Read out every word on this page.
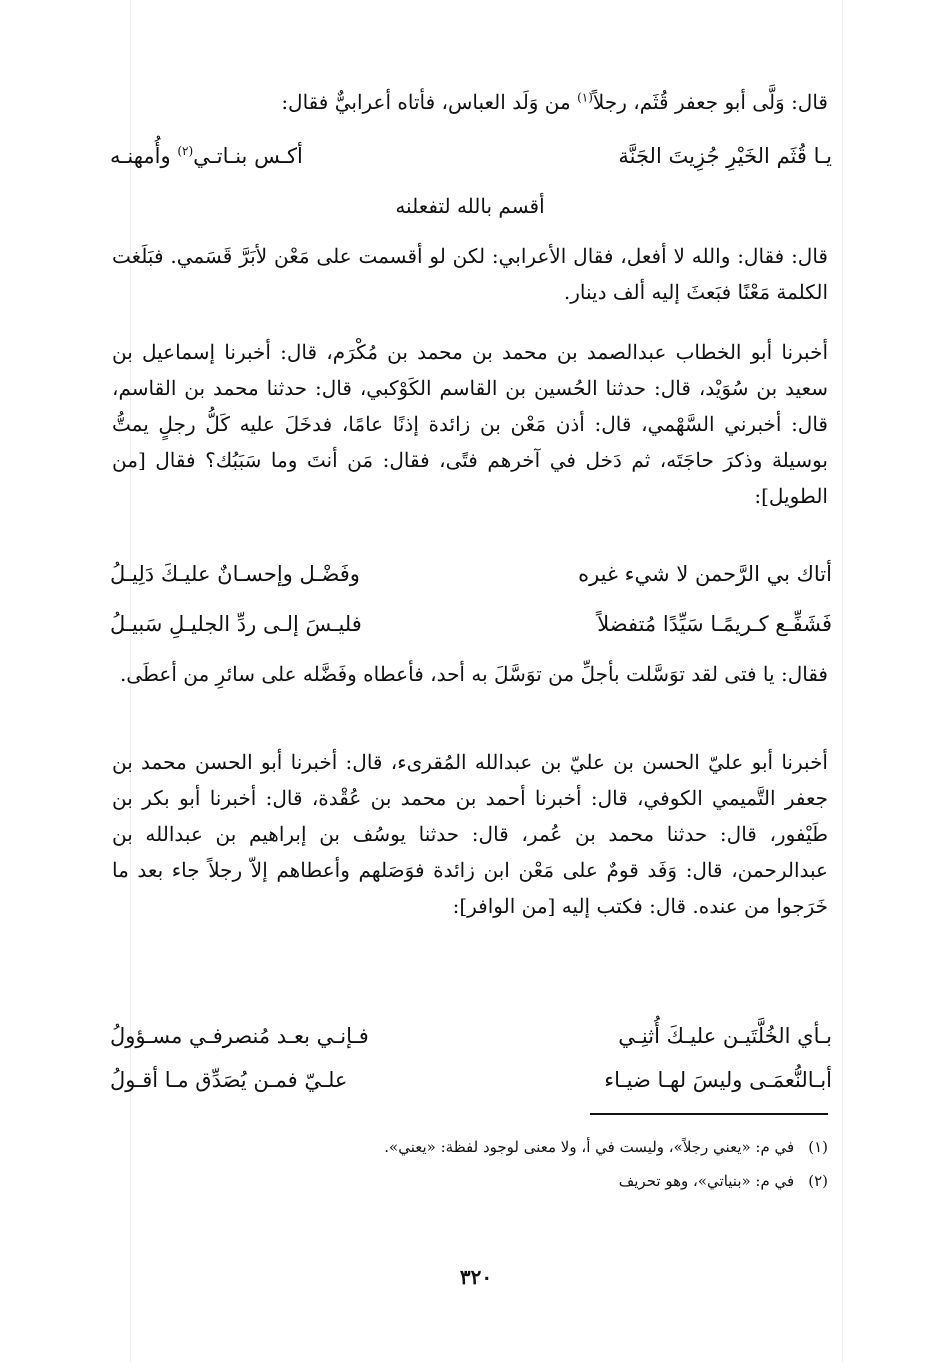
قال: وَلَّى أبو جعفر قُثَم، رجلاً$^{(١)}$ من وَلَد العباس، فأتاه أعرابيٌّ فقال:

يـا قُثَم الخَيْرِ جُزِيتَ الجَنَّة
أكـس بنـاتـي$^{(٢)}$ وأُمهنـه
أقسم بالله لتفعلنه

قال: فقال: والله لا أفعل، فقال الأعرابي: لكن لو أقسمت على مَعْن لأبَرَّ قَسَمي. فبَلَغت الكلمة مَعْنًا فبَعثَ إليه ألف دينار.

أخبرنا أبو الخطاب عبدالصمد بن محمد بن محمد بن مُكْرَم، قال: أخبرنا إسماعيل بن سعيد بن سُوَيْد، قال: حدثنا الحُسين بن القاسم الكَوْكبي، قال: حدثنا محمد بن القاسم، قال: أخبرني السَّهْمي، قال: أذن مَعْن بن زائدة إذنًا عامًا، فدخَلَ عليه كَلُّ رجلٍ يمتُّ بوسيلة وذكرَ حاجَتَه، ثم دَخل في آخرهم فتًى، فقال: مَن أنتَ وما سَبَبُك؟ فقال [من الطويل]:

أتاك بي الرَّحمن لا شيء غيره
وفَضْـل وإحسـانٌ عليـكَ دَلِيـلُ
فَشَفِّـع كـريمًـا سَيِّدًا مُتفضلاً
فليـسَ إلـى ردِّ الجليـلِ سَبيـلُ

فقال: يا فتى لقد توَسَّلت بأجلِّ من توَسَّلَ به أحد، فأعطاه وفَضَّله على سائرِ من أعطَى.

أخبرنا أبو عليّ الحسن بن عليّ بن عبدالله المُقرىء، قال: أخبرنا أبو الحسن محمد بن جعفر التَّميمي الكوفي، قال: أخبرنا أحمد بن محمد بن عُقْدة، قال: أخبرنا أبو بكر بن طَيْفور، قال: حدثنا محمد بن عُمر، قال: حدثنا يوسُف بن إبراهيم بن عبدالله بن عبدالرحمن، قال: وَفَد قومٌ على مَعْن ابن زائدة فوَصَلهم وأعطاهم إلاّ رجلاً جاء بعد ما خَرَجوا من عنده. قال: فكتب إليه [من الوافر]:

بـأي الخُلَّتَيـن عليـكَ أُثنِـي
فـإنـي بعـد مُنصرفـي مسـؤولُ
أبـالنُّعمَـى وليسَ لهـا ضيـاء
علـيّ فمـن يُصَدِّق مـا أقـولُ
(١)في م: «يعني رجلاً»، وليست في أ، ولا معنى لوجود لفظة: «يعني».
(٢)في م: «بنياتي»، وهو تحريف
٣٢٠
